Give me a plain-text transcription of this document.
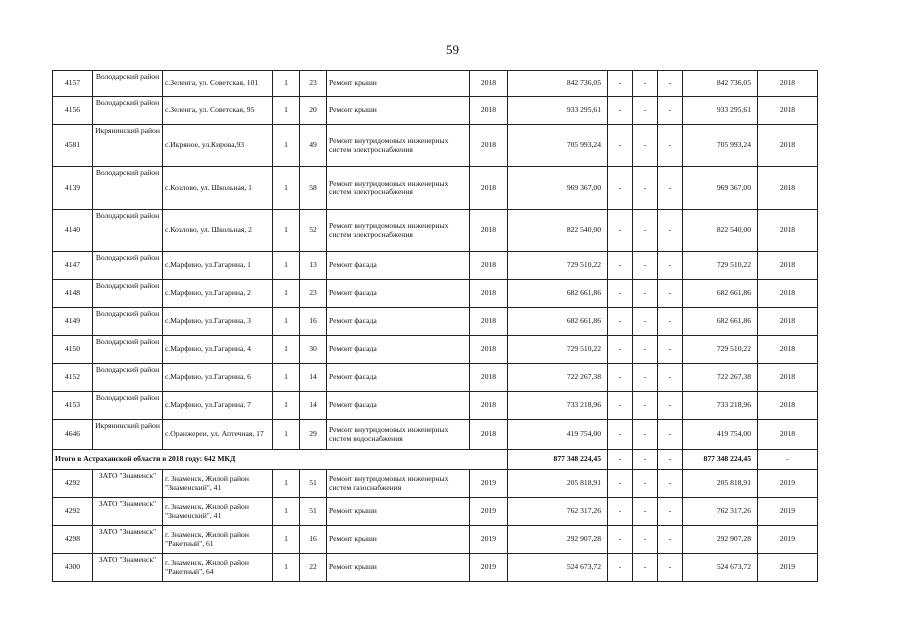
59
4157	Володарский район	с.Зеленга, ул. Советская, 101	1	23	Ремонт крыши	2018	842 736,05	-	-	-	842 736,05	2018
4156	Володарский район	с.Зеленга, ул. Советская, 95	1	20	Ремонт крыши	2018	933 295,61	-	-	-	933 295,61	2018
4581	Икрянинский район	с.Икряное, ул.Кирова,93	1	49	Ремонт внутридомовых инженерных систем электроснабжения	2018	705 993,24	-	-	-	705 993,24	2018
4139	Володарский район	с.Козлово, ул. Школьная, 1	1	58	Ремонт внутридомовых инженерных систем электроснабжения	2018	969 367,00	-	-	-	969 367,00	2018
4140	Володарский район	с.Козлово, ул. Школьная, 2	1	52	Ремонт внутридомовых инженерных систем электроснабжения	2018	822 540,00	-	-	-	822 540,00	2018
4147	Володарский район	с.Марфино, ул.Гагарина, 1	1	13	Ремонт фасада	2018	729 510,22	-	-	-	729 510,22	2018
4148	Володарский район	с.Марфино, ул.Гагарина, 2	1	23	Ремонт фасада	2018	682 661,86	-	-	-	682 661,86	2018
4149	Володарский район	с.Марфино, ул.Гагарина, 3	1	16	Ремонт фасада	2018	682 661,86	-	-	-	682 661,86	2018
4150	Володарский район	с.Марфино, ул.Гагарина, 4	1	30	Ремонт фасада	2018	729 510,22	-	-	-	729 510,22	2018
4152	Володарский район	с.Марфино, ул.Гагарина, 6	1	14	Ремонт фасада	2018	722 267,38	-	-	-	722 267,38	2018
4153	Володарский район	с.Марфино, ул.Гагарина, 7	1	14	Ремонт фасада	2018	733 218,96	-	-	-	733 218,96	2018
4646	Икрянинский район	с.Оранжереи, ул. Аптечная, 17	1	29	Ремонт внутридомовых инженерных систем водоснабжения	2018	419 754,00	-	-	-	419 754,00	2018
Итого в Астраханской области в 2018 году: 642 МКД							877 348 224,45	-	-	-	877 348 224,45	-
4292	ЗАТО "Знаменск"	г. Знаменск, Жилой район "Знаменский", 41	1	51	Ремонт внутридомовых инженерных систем газоснабжения	2019	205 818,91	-	-	-	205 818,91	2019
4292	ЗАТО "Знаменск"	г. Знаменск, Жилой район "Знаменский", 41	1	51	Ремонт крыши	2019	762 317,26	-	-	-	762 317,26	2019
4298	ЗАТО "Знаменск"	г. Знаменск, Жилой район "Ракетный", 61	1	16	Ремонт крыши	2019	292 907,28	-	-	-	292 907,28	2019
4300	ЗАТО "Знаменск"	г. Знаменск, Жилой район "Ракетный", 64	1	22	Ремонт крыши	2019	524 673,72	-	-	-	524 673,72	2019
